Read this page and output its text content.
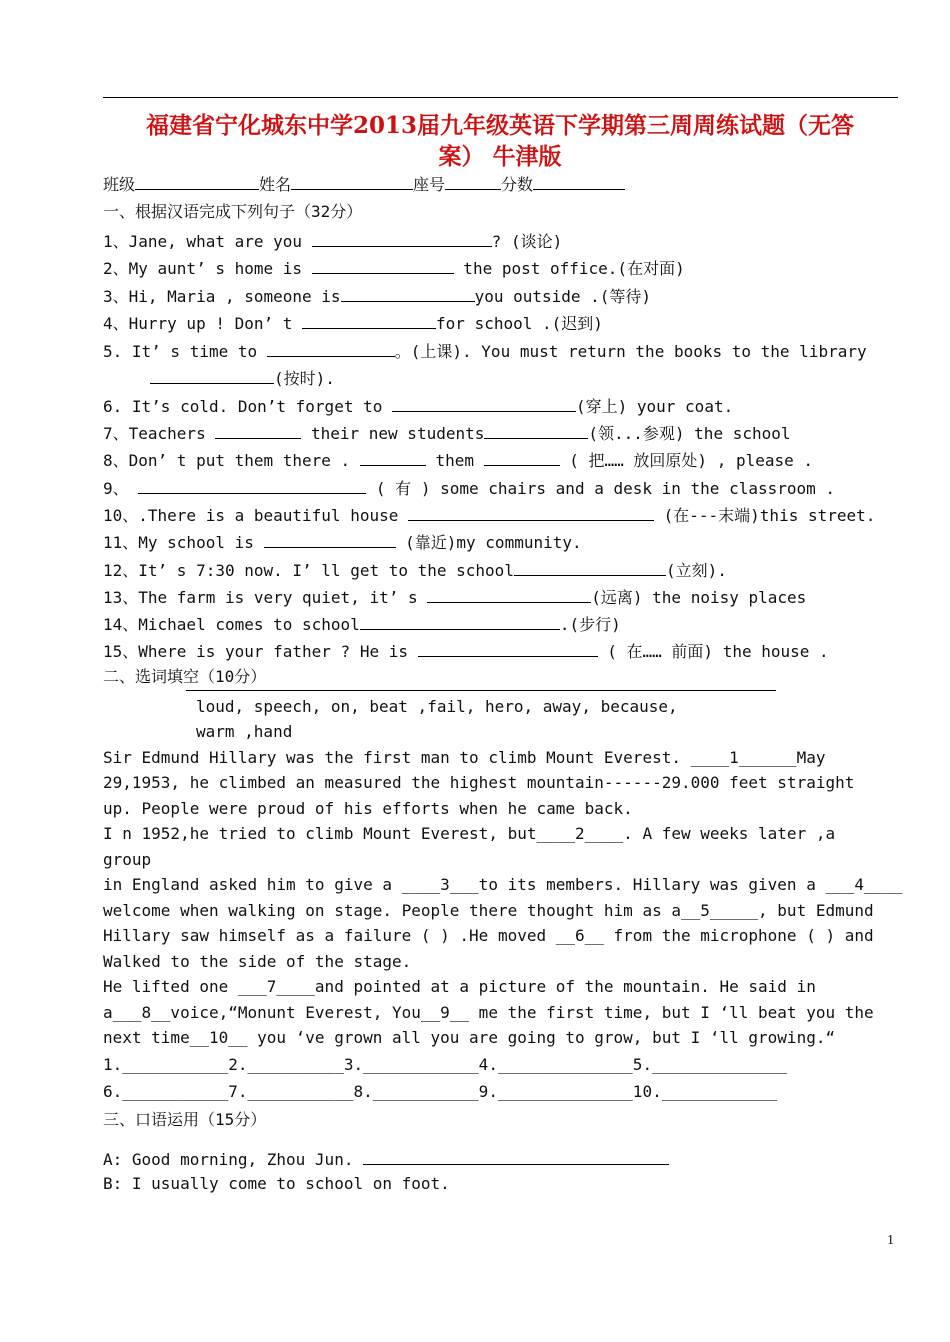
福建省宁化城东中学2013届九年级英语下学期第三周周练试题（无答
案） 牛津版
班级	姓名	座号	分数
一、根据汉语完成下列句子（32分）
1、Jane, what are you	? (谈论)
2、My aunt’ s home is	the post office.(在对面)
3、Hi, Maria , someone is	you outside .(等待)
4、Hurry up ! Don’ t	for school .(迟到)
5. It’ s time to	。(上课). You must return the books to the library
(按时).
6. It’s cold. Don’t forget to	(穿上) your coat.
7、Teachers	their new students	(领...参观) the school
8、Don’ t put them there .	them	( 把…… 放回原处) , please .
9、	( 有 ) some chairs and a desk in the classroom .
10、.There is a beautiful house	(在---末端)this street.
11、My school is	(靠近)my community.
12、It’ s 7:30 now. I’ ll get to the school	(立刻).
13、The farm is very quiet, it’ s	(远离) the noisy places
14、Michael comes to school	.(步行)
15、Where is your father ? He is	( 在…… 前面) the house .
二、选词填空（10分）
loud, speech, on, beat ,fail, hero, away, because,
warm ,hand
Sir Edmund Hillary was the first man to climb Mount Everest. ____1______May
29,1953, he climbed an measured the highest mountain------29.000 feet straight
up. People were proud of his efforts when he came back.
I n 1952,he tried to climb Mount Everest, but____2____. A few weeks later ,a
group
in England asked him to give a ____3___to its members. Hillary was given a ___4____
welcome when walking on stage. People there thought him as a__5_____, but Edmund
Hillary saw himself as a failure ( ) .He moved __6__ from the microphone ( ) and
Walked to the side of the stage.
He lifted one ___7____and pointed at a picture of the mountain. He said in
a___8__voice,“Monunt Everest, You__9__ me the first time, but I ‘ll beat you the
next time__10__ you ‘ve grown all you are going to grow, but I ‘ll growing.“
1.___________2.__________3.____________4.______________5.______________
6.___________7.___________8.___________9.______________10.____________
三、口语运用（15分）
A: Good morning, Zhou Jun.
B: I usually come to school on foot.
1
